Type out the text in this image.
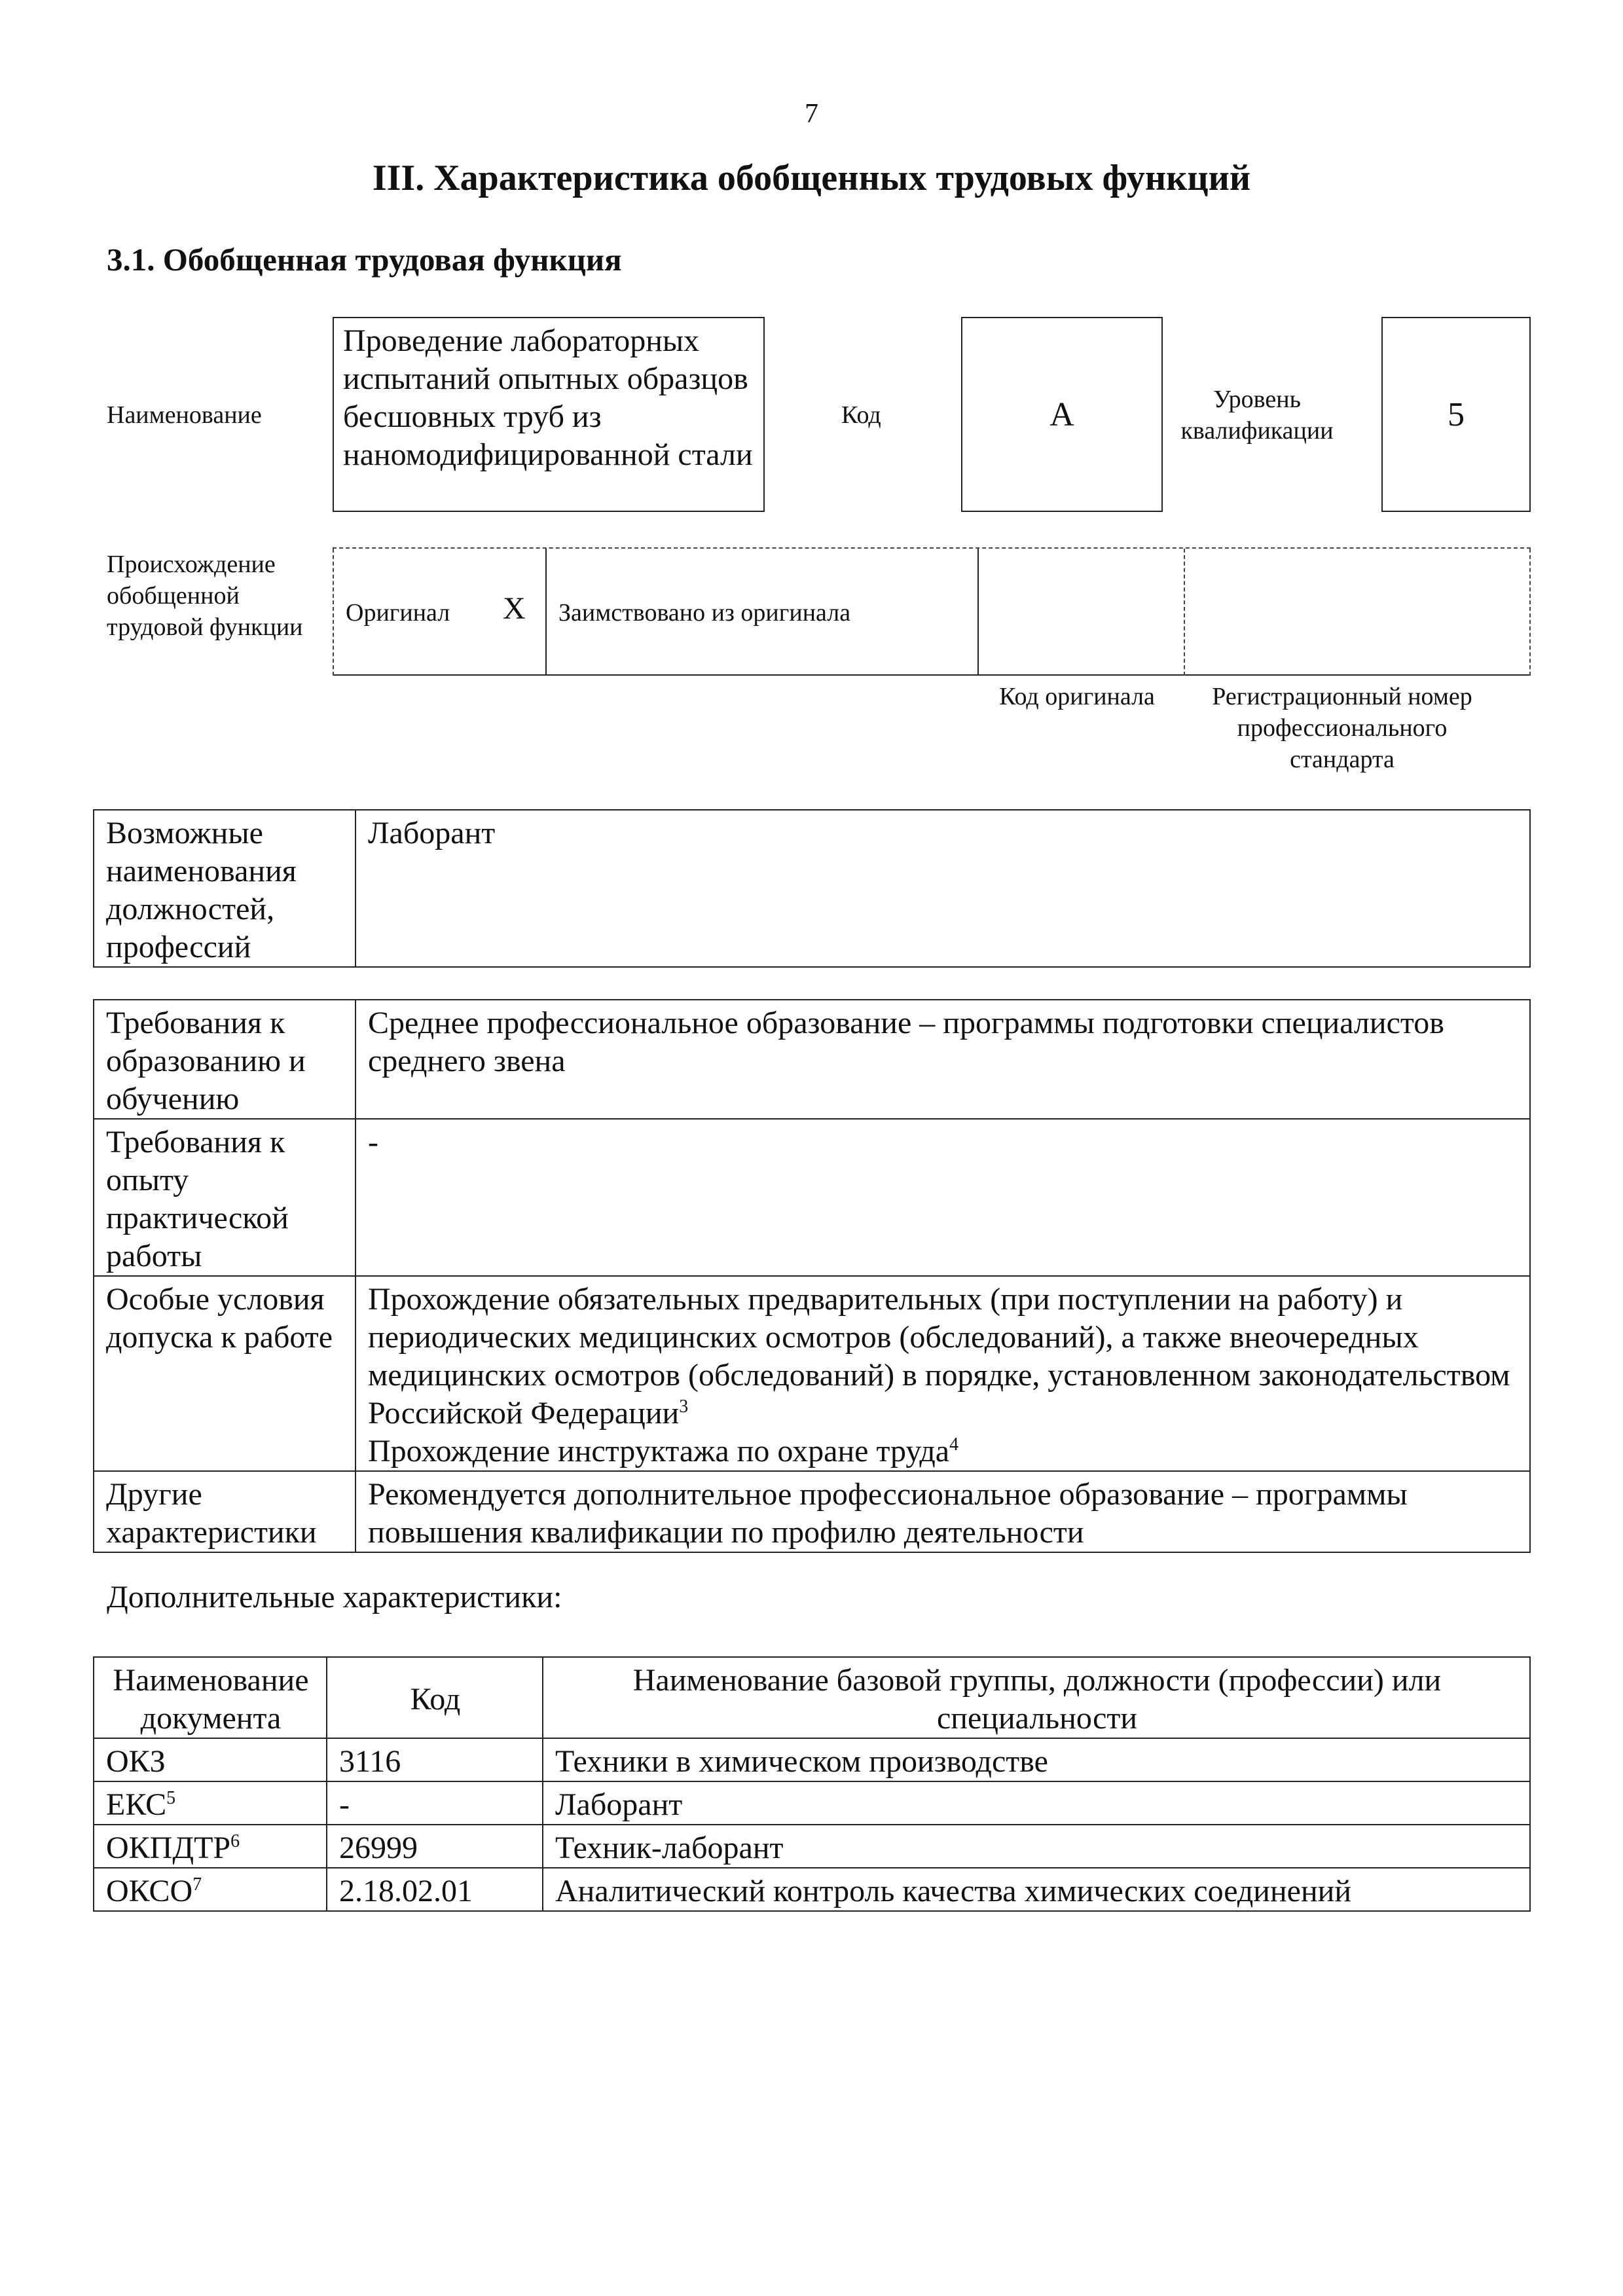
7
III. Характеристика обобщенных трудовых функций
3.1. Обобщенная трудовая функция
Наименование
Проведение лабораторных испытаний опытных образцов бесшовных труб из наномодифицированной стали
Код	A	Уровень квалификации	5
Происхождение обобщенной трудовой функции
Оригинал X Заимствовано из оригинала
Код оригинала	Регистрационный номер профессионального стандарта
Возможные наименования должностей, профессий	Лаборант
Требования к образованию и обучению	Среднее профессиональное образование – программы подготовки специалистов среднего звена
Требования к опыту практической работы	-
Особые условия допуска к работе	Прохождение обязательных предварительных (при поступлении на работу) и периодических медицинских осмотров (обследований), а также внеочередных медицинских осмотров (обследований) в порядке, установленном законодательством Российской Федерации$^3$
Прохождение инструктажа по охране труда$^4$
Другие характеристики	Рекомендуется дополнительное профессиональное образование – программы повышения квалификации по профилю деятельности
Дополнительные характеристики:
Наименование документа	Код	Наименование базовой группы, должности (профессии) или специальности
ОКЗ	3116	Техники в химическом производстве
ЕКС$^5$	-	Лаборант
ОКПДТР$^6$	26999	Техник-лаборант
ОКСО$^7$	2.18.02.01	Аналитический контроль качества химических соединений
